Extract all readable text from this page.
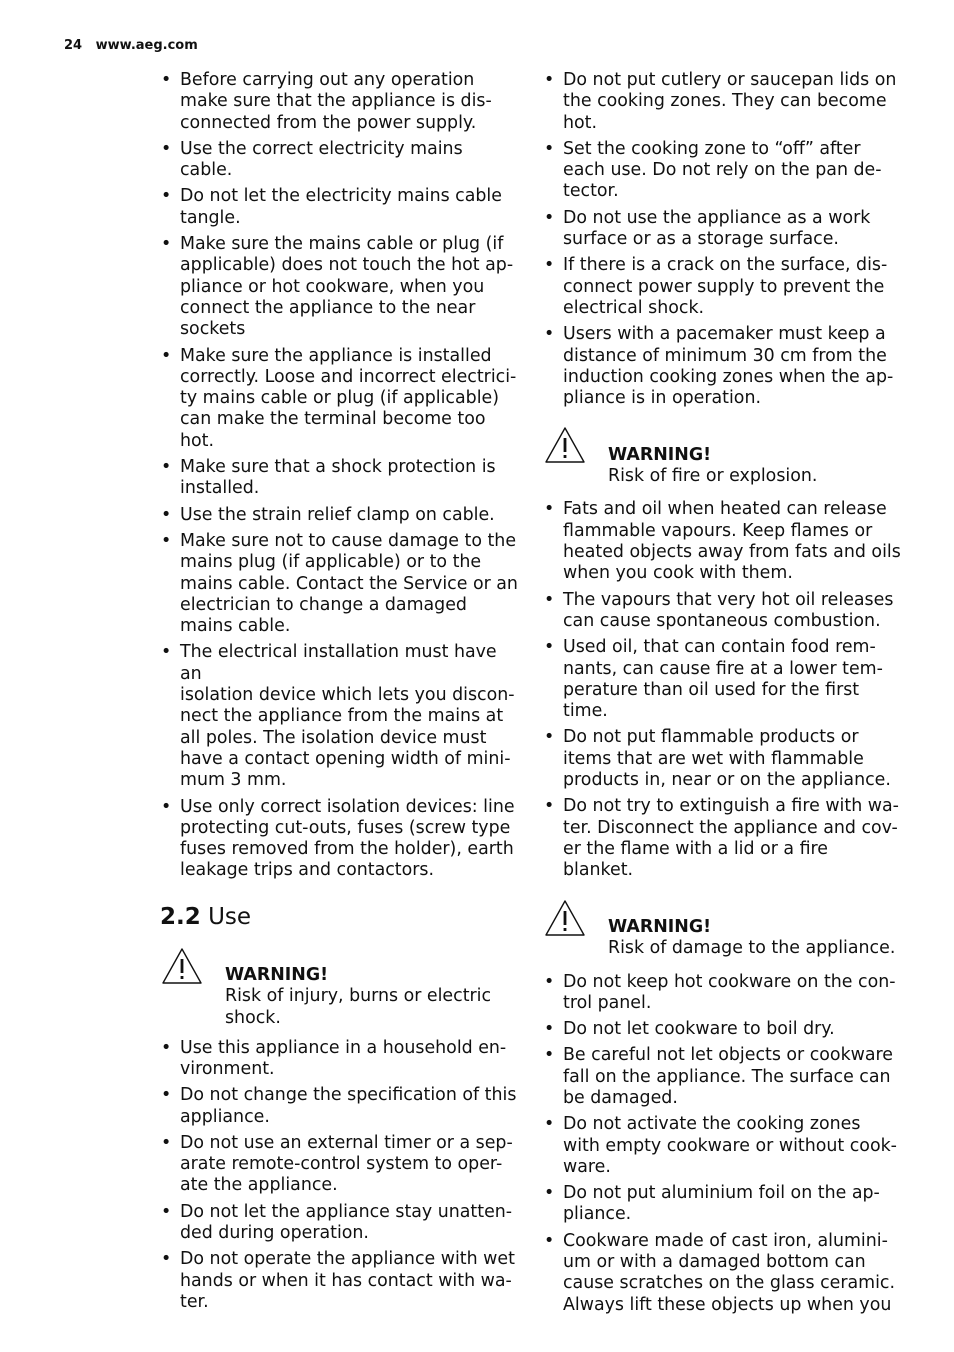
24 www.aeg.com
• Before carrying out any operation
make sure that the appliance is dis-
connected from the power supply.
• Use the correct electricity mains cable.
• Do not let the electricity mains cable
tangle.
• Make sure the mains cable or plug (if
applicable) does not touch the hot ap-
pliance or hot cookware, when you
connect the appliance to the near
sockets
• Make sure the appliance is installed
correctly. Loose and incorrect electrici-
ty mains cable or plug (if applicable)
can make the terminal become too
hot.
• Make sure that a shock protection is
installed.
• Use the strain relief clamp on cable.
• Make sure not to cause damage to the
mains plug (if applicable) or to the
mains cable. Contact the Service or an
electrician to change a damaged
mains cable.
• The electrical installation must have an
isolation device which lets you discon-
nect the appliance from the mains at
all poles. The isolation device must
have a contact opening width of mini-
mum 3 mm.
• Use only correct isolation devices: line
protecting cut-outs, fuses (screw type
fuses removed from the holder), earth
leakage trips and contactors.
2.2 Use

WARNING!
Risk of injury, burns or electric
shock.

• Use this appliance in a household en-
vironment.
• Do not change the specification of this
appliance.
• Do not use an external timer or a sep-
arate remote-control system to oper-
ate the appliance.
• Do not let the appliance stay unatten-
ded during operation.
• Do not operate the appliance with wet
hands or when it has contact with wa-
ter.
• Do not put cutlery or saucepan lids on
the cooking zones. They can become
hot.
• Set the cooking zone to “off” after
each use. Do not rely on the pan de-
tector.
• Do not use the appliance as a work
surface or as a storage surface.
• If there is a crack on the surface, dis-
connect power supply to prevent the
electrical shock.
• Users with a pacemaker must keep a
distance of minimum 30 cm from the
induction cooking zones when the ap-
pliance is in operation.

WARNING!
Risk of fire or explosion.

• Fats and oil when heated can release
flammable vapours. Keep flames or
heated objects away from fats and oils
when you cook with them.
• The vapours that very hot oil releases
can cause spontaneous combustion.
• Used oil, that can contain food rem-
nants, can cause fire at a lower tem-
perature than oil used for the first
time.
• Do not put flammable products or
items that are wet with flammable
products in, near or on the appliance.
• Do not try to extinguish a fire with wa-
ter. Disconnect the appliance and cov-
er the flame with a lid or a fire blanket.

WARNING!
Risk of damage to the appliance.

• Do not keep hot cookware on the con-
trol panel.
• Do not let cookware to boil dry.
• Be careful not let objects or cookware
fall on the appliance. The surface can
be damaged.
• Do not activate the cooking zones
with empty cookware or without cook-
ware.
• Do not put aluminium foil on the ap-
pliance.
• Cookware made of cast iron, alumini-
um or with a damaged bottom can
cause scratches on the glass ceramic.
Always lift these objects up when you
